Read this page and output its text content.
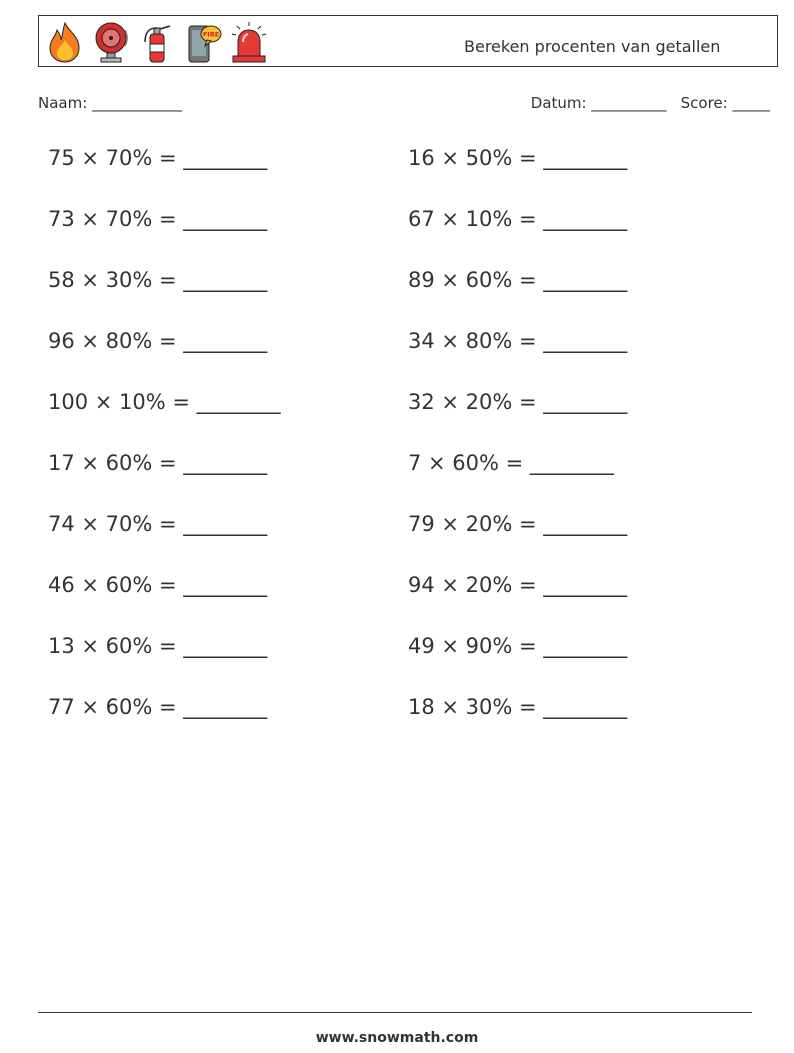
FIRE
Bereken procenten van getallen
Naam: ____________	Datum: __________ Score: _____
75 × 70% = ________	16 × 50% = ________
73 × 70% = ________	67 × 10% = ________
58 × 30% = ________	89 × 60% = ________
96 × 80% = ________	34 × 80% = ________
100 × 10% = ________	32 × 20% = ________
17 × 60% = ________	7 × 60% = ________
74 × 70% = ________	79 × 20% = ________
46 × 60% = ________	94 × 20% = ________
13 × 60% = ________	49 × 90% = ________
77 × 60% = ________	18 × 30% = ________
www.snowmath.com
